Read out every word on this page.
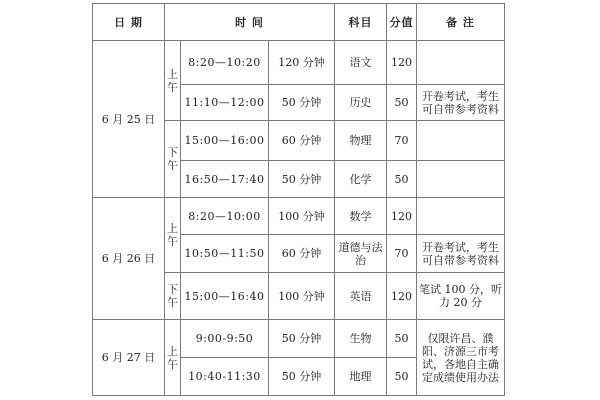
日 期	时 间			科目	分值	备 注
6 月 25 日	上午	8:20—10:20	120 分钟	语文	120	
		11:10—12:00	50 分钟	历史	50	开卷考试，考生可自带参考资料

	下午	15:00—16:00	60 分钟	物理	70	
		16:50—17:40	50 分钟	化学	50	
6 月 26 日	上午	8:20—10:00	100 分钟	数学	120	
		10:50—11:50	60 分钟	道德与法治	70	开卷考试，考生可自带参考资料

	下午	15:00—16:40	100 分钟	英语	120	笔试 100 分，听力 20 分
6 月 27 日	上午	9:00-9:50	50 分钟	生物	50	仅限许昌、濮阳、济源三市考试，各地自主确定成绩使用办法
		10:40-11:30	50 分钟	地理	50	
